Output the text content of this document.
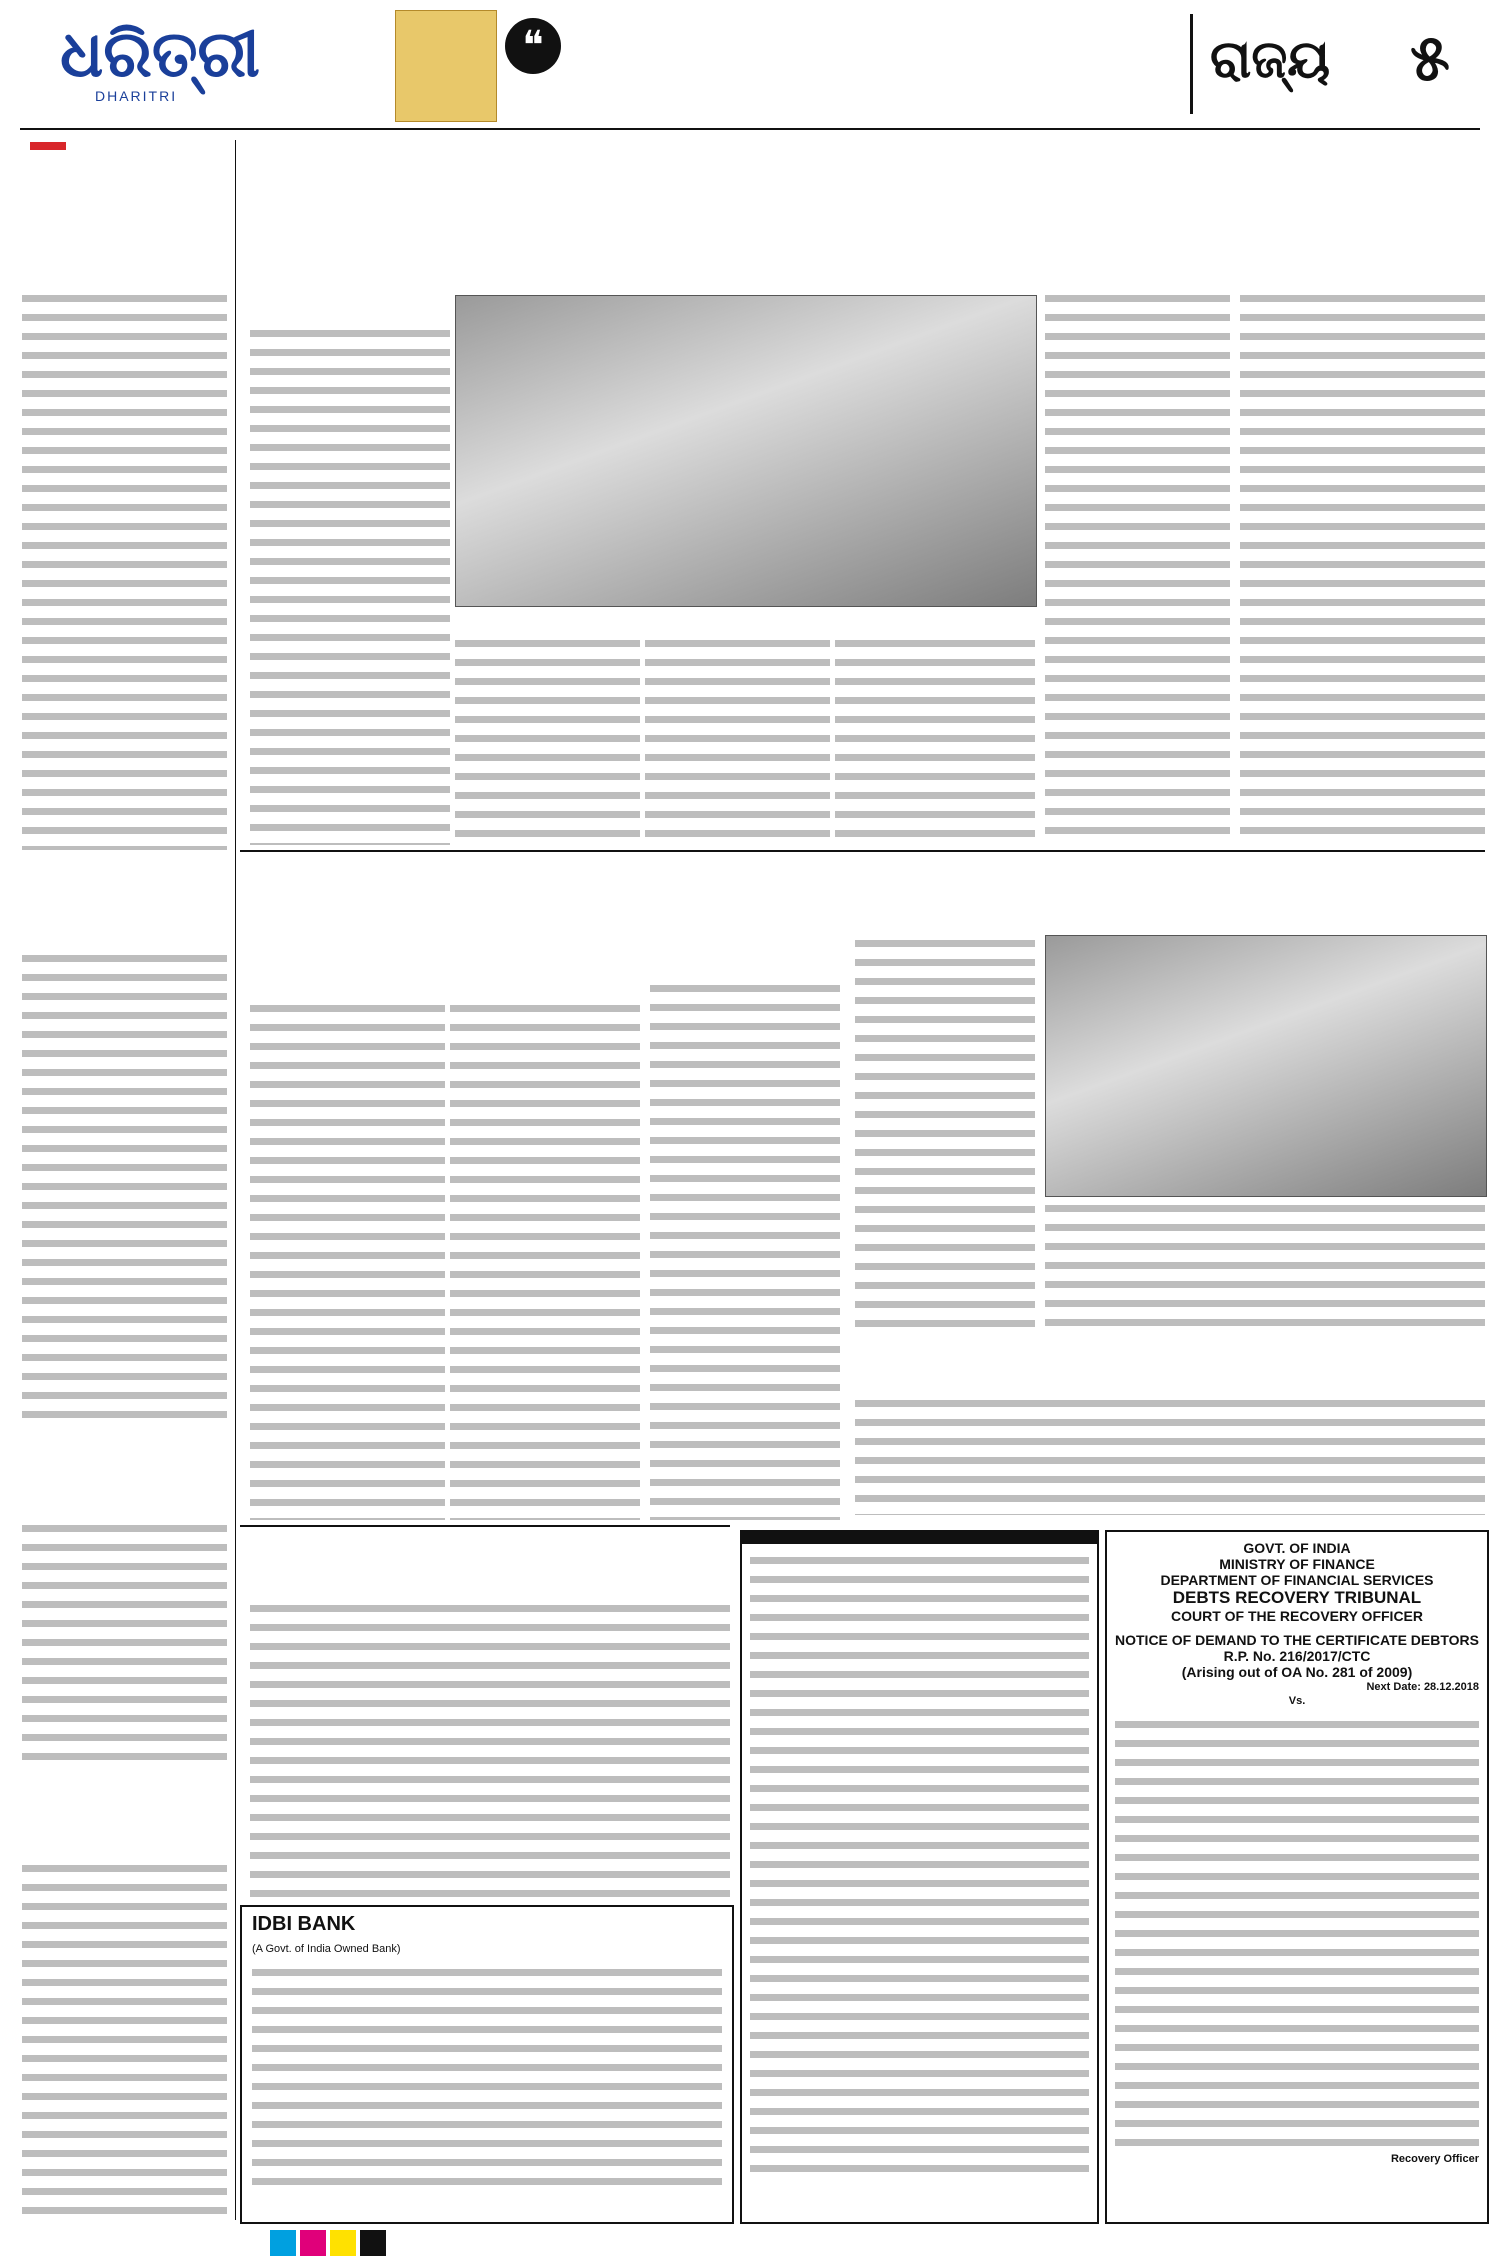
ଧରିତ୍ରୀ
DHARITRI
❝	ରାଜ୍ୟ ୫
IDBI BANK
(A Govt. of India Owned Bank)
GOVT. OF INDIA
MINISTRY OF FINANCE
DEPARTMENT OF FINANCIAL SERVICES
DEBTS RECOVERY TRIBUNAL
COURT OF THE RECOVERY OFFICER
NOTICE OF DEMAND TO THE CERTIFICATE DEBTORS
R.P. No. 216/2017/CTC
(Arising out of OA No. 281 of 2009)
Next Date: 28.12.2018
Vs.
Recovery Officer
